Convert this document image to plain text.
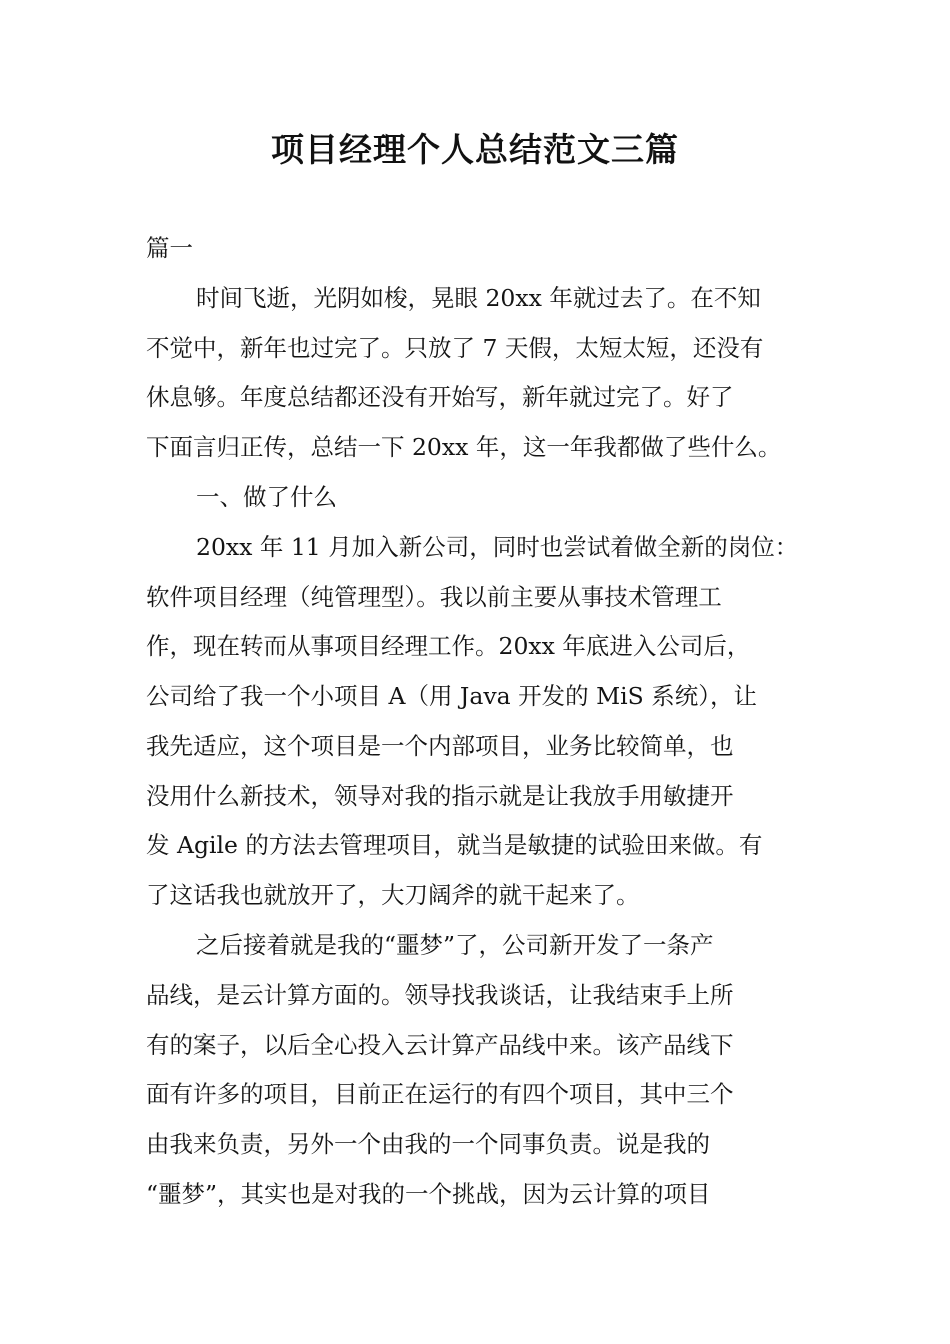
项目经理个人总结范文三篇

篇一

时间飞逝，光阴如梭，晃眼 20xx 年就过去了。在不知

不觉中，新年也过完了。只放了 7 天假，太短太短，还没有

休息够。年度总结都还没有开始写，新年就过完了。好了

下面言归正传，总结一下 20xx 年，这一年我都做了些什么。

一、做了什么

20xx 年 11 月加入新公司，同时也尝试着做全新的岗位：

软件项目经理（纯管理型）。我以前主要从事技术管理工

作，现在转而从事项目经理工作。20xx 年底进入公司后，

公司给了我一个小项目 A（用 Java 开发的 MiS 系统），让

我先适应，这个项目是一个内部项目，业务比较简单，也

没用什么新技术，领导对我的指示就是让我放手用敏捷开

发 Agile 的方法去管理项目，就当是敏捷的试验田来做。有

了这话我也就放开了，大刀阔斧的就干起来了。

之后接着就是我的“噩梦”了，公司新开发了一条产

品线，是云计算方面的。领导找我谈话，让我结束手上所

有的案子，以后全心投入云计算产品线中来。该产品线下

面有许多的项目，目前正在运行的有四个项目，其中三个

由我来负责，另外一个由我的一个同事负责。说是我的

“噩梦”，其实也是对我的一个挑战，因为云计算的项目
